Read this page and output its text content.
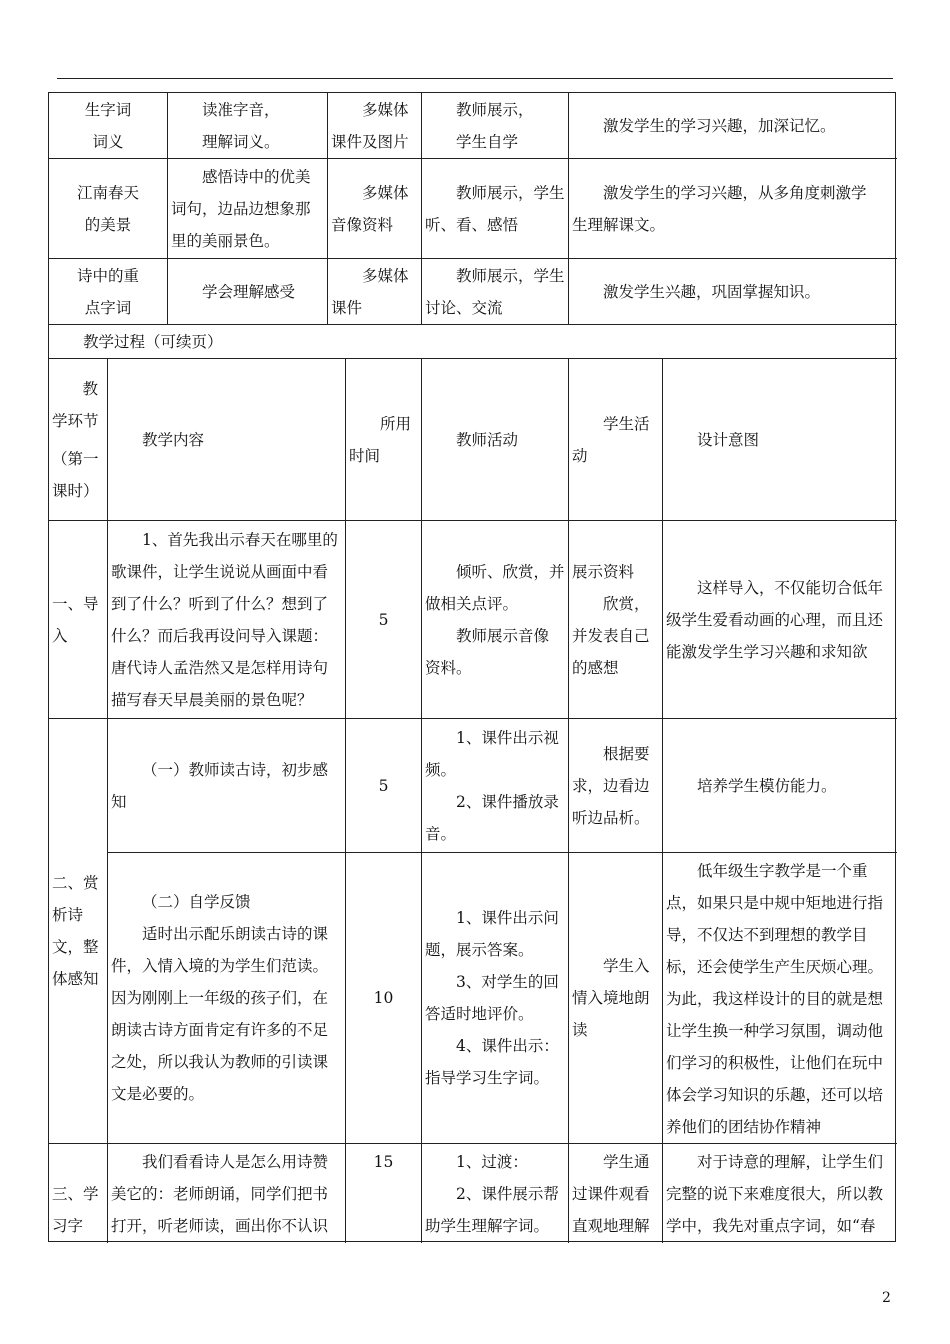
生字词

词义

读准字音，

理解词义。

多媒体

课件及图片

教师展示，

学生自学

激发学生的学习兴趣，加深记忆。

江南春天

的美景

感悟诗中的优美

词句，边品边想象那

里的美丽景色。

多媒体

音像资料

教师展示，学生

听、看、感悟

激发学生的学习兴趣，从多角度刺激学

生理解课文。

诗中的重

点字词

学会理解感受

多媒体

课件

教师展示，学生

讨论、交流

激发学生兴趣，巩固掌握知识。

教学过程（可续页）

教

学环节

（第一

课时）

教学内容

所用

时间

教师活动

学生活

动

设计意图

一、导

入

1、首先我出示春天在哪里的

歌课件，让学生说说从画面中看

到了什么？听到了什么？想到了

什么？而后我再设问导入课题：

唐代诗人孟浩然又是怎样用诗句

描写春天早晨美丽的景色呢？

5

倾听、欣赏，并

做相关点评。

教师展示音像

资料。

展示资料

欣赏，

并发表自己

的感想

这样导入，不仅能切合低年

级学生爱看动画的心理，而且还

能激发学生学习兴趣和求知欲

二、赏

析诗

文，整

体感知

（一）教师读古诗，初步感知

5

1、课件出示视

频。

2、课件播放录

音。

根据要

求，边看边

听边品析。

培养学生模仿能力。

（二）自学反馈

适时出示配乐朗读古诗的课

件，入情入境的为学生们范读。

因为刚刚上一年级的孩子们，在

朗读古诗方面肯定有许多的不足

之处，所以我认为教师的引读课

文是必要的。

10

1、课件出示问

题，展示答案。

3、对学生的回

答适时地评价。

4、课件出示：

指导学习生字词。

学生入

情入境地朗

读

低年级生字教学是一个重

点，如果只是中规中矩地进行指

导，不仅达不到理想的教学目

标，还会使学生产生厌烦心理。

为此，我这样设计的目的就是想

让学生换一种学习氛围，调动他

们学习的积极性，让他们在玩中

体会学习知识的乐趣，还可以培

养他们的团结协作精神

三、学

习字

我们看看诗人是怎么用诗赞

美它的：老师朗诵，同学们把书

打开，听老师读，画出你不认识

15	1、过渡：

2、课件展示帮

助学生理解字词。

学生通

过课件观看

直观地理解

对于诗意的理解，让学生们

完整的说下来难度很大，所以教

学中，我先对重点字词，如“春

2
